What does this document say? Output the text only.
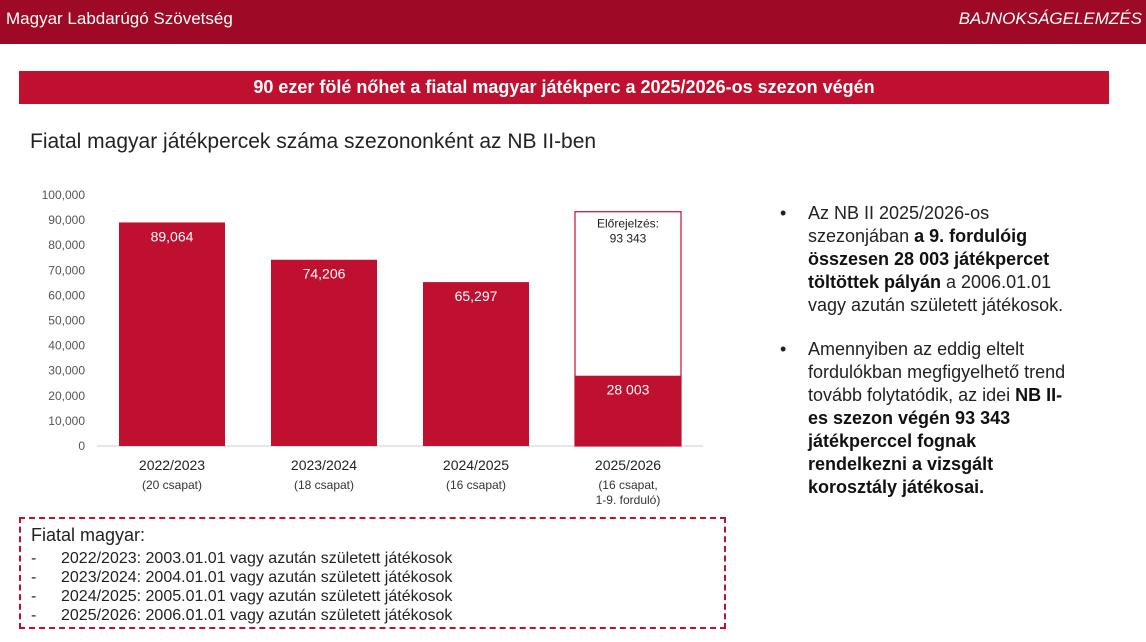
Magyar Labdarúgó Szövetség	BAJNOKSÁGELEMZÉS
90 ezer fölé nőhet a fiatal magyar játékperc a 2025/2026-os szezon végén
Fiatal magyar játékpercek száma szezononként az NB II-ben
100,000
90,000
80,000
70,000
60,000
50,000
40,000
30,000
20,000
10,000
0
Előrejelzés:
93 343
89,064
74,206
65,297
28 003
2022/2023
(20 csapat)
2023/2024
(18 csapat)
2024/2025
(16 csapat)
2025/2026
(16 csapat,
1-9. forduló)
• Az NB II 2025/2026-os szezonjában a 9. fordulóig összesen 28 003 játékpercet töltöttek pályán a 2006.01.01 vagy azután született játékosok.
• Amennyiben az eddig eltelt fordulókban megfigyelhető trend tovább folytatódik, az idei NB II-es szezon végén 93 343 játékperccel fognak rendelkezni a vizsgált korosztály játékosai.
Fiatal magyar:
- 2022/2023: 2003.01.01 vagy azután született játékosok
- 2023/2024: 2004.01.01 vagy azután született játékosok
- 2024/2025: 2005.01.01 vagy azután született játékosok
- 2025/2026: 2006.01.01 vagy azután született játékosok
